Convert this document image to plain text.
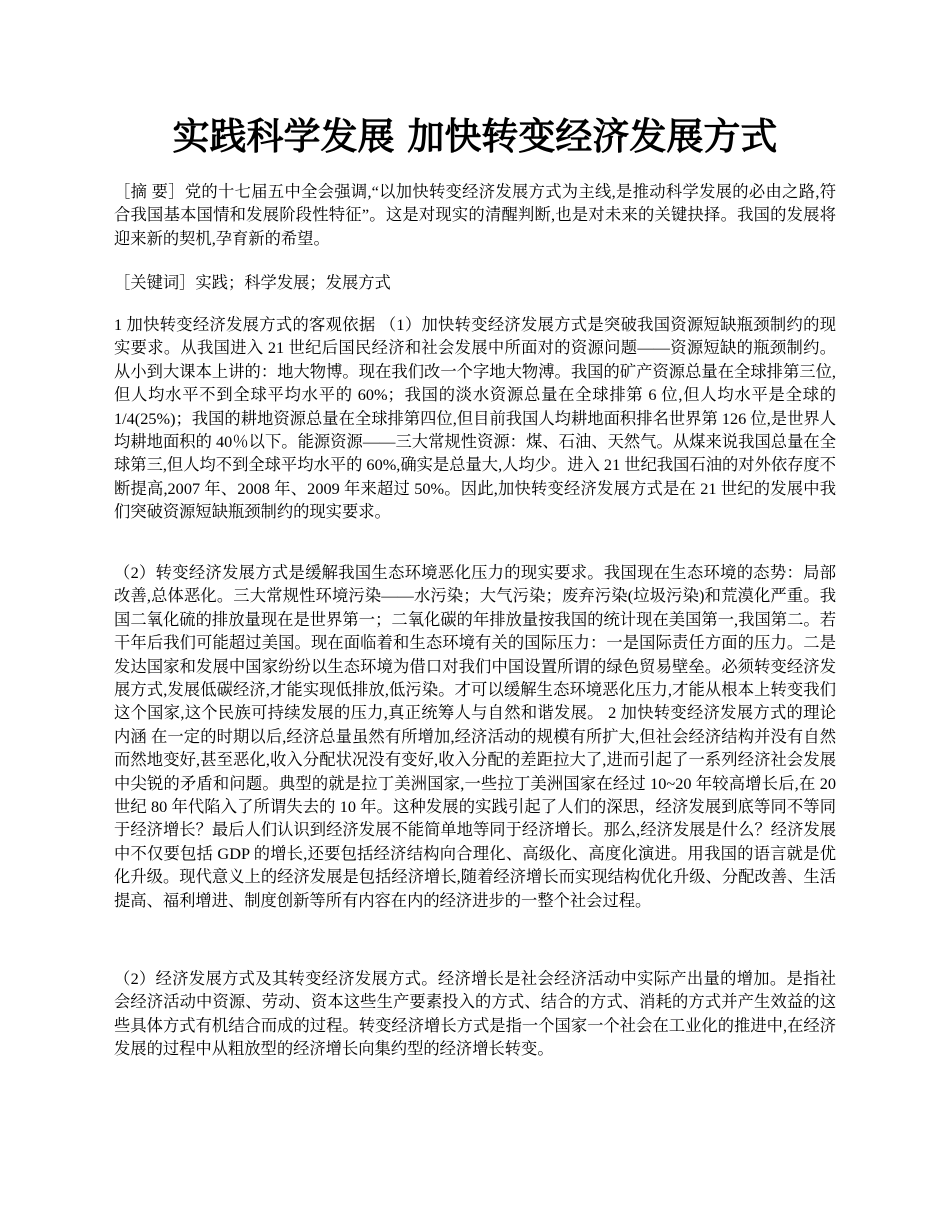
实践科学发展 加快转变经济发展方式

［摘 要］党的十七届五中全会强调,“以加快转变经济发展方式为主线,是推动科学发展的必由之路,符合我国基本国情和发展阶段性特征”。这是对现实的清醒判断,也是对未来的关键抉择。我国的发展将迎来新的契机,孕育新的希望。

［关键词］实践；科学发展；发展方式

1 加快转变经济发展方式的客观依据 （1）加快转变经济发展方式是突破我国资源短缺瓶颈制约的现实要求。从我国进入 21 世纪后国民经济和社会发展中所面对的资源问题——资源短缺的瓶颈制约。从小到大课本上讲的：地大物博。现在我们改一个字地大物溥。我国的矿产资源总量在全球排第三位,但人均水平不到全球平均水平的 60%；我国的淡水资源总量在全球排第 6 位,但人均水平是全球的 1/4(25%)；我国的耕地资源总量在全球排第四位,但目前我国人均耕地面积排名世界第 126 位,是世界人均耕地面积的 40％以下。能源资源——三大常规性资源：煤、石油、天然气。从煤来说我国总量在全球第三,但人均不到全球平均水平的 60%,确实是总量大,人均少。进入 21 世纪我国石油的对外依存度不断提高,2007 年、2008 年、2009 年来超过 50%。因此,加快转变经济发展方式是在 21 世纪的发展中我们突破资源短缺瓶颈制约的现实要求。

（2）转变经济发展方式是缓解我国生态环境恶化压力的现实要求。我国现在生态环境的态势：局部改善,总体恶化。三大常规性环境污染——水污染；大气污染；废弃污染(垃圾污染)和荒漠化严重。我国二氧化硫的排放量现在是世界第一；二氧化碳的年排放量按我国的统计现在美国第一,我国第二。若干年后我们可能超过美国。现在面临着和生态环境有关的国际压力：一是国际责任方面的压力。二是发达国家和发展中国家纷纷以生态环境为借口对我们中国设置所谓的绿色贸易壁垒。必须转变经济发展方式,发展低碳经济,才能实现低排放,低污染。才可以缓解生态环境恶化压力,才能从根本上转变我们这个国家,这个民族可持续发展的压力,真正统筹人与自然和谐发展。 2 加快转变经济发展方式的理论内涵 在一定的时期以后,经济总量虽然有所增加,经济活动的规模有所扩大,但社会经济结构并没有自然而然地变好,甚至恶化,收入分配状况没有变好,收入分配的差距拉大了,进而引起了一系列经济社会发展中尖锐的矛盾和问题。典型的就是拉丁美洲国家,一些拉丁美洲国家在经过 10~20 年较高增长后,在 20 世纪 80 年代陷入了所谓失去的 10 年。这种发展的实践引起了人们的深思，经济发展到底等同不等同于经济增长？最后人们认识到经济发展不能简单地等同于经济增长。那么,经济发展是什么？经济发展中不仅要包括 GDP 的增长,还要包括经济结构向合理化、高级化、高度化演进。用我国的语言就是优化升级。现代意义上的经济发展是包括经济增长,随着经济增长而实现结构优化升级、分配改善、生活提高、福利增进、制度创新等所有内容在内的经济进步的一整个社会过程。

（2）经济发展方式及其转变经济发展方式。经济增长是社会经济活动中实际产出量的增加。是指社会经济活动中资源、劳动、资本这些生产要素投入的方式、结合的方式、消耗的方式并产生效益的这些具体方式有机结合而成的过程。转变经济增长方式是指一个国家一个社会在工业化的推进中,在经济发展的过程中从粗放型的经济增长向集约型的经济增长转变。
